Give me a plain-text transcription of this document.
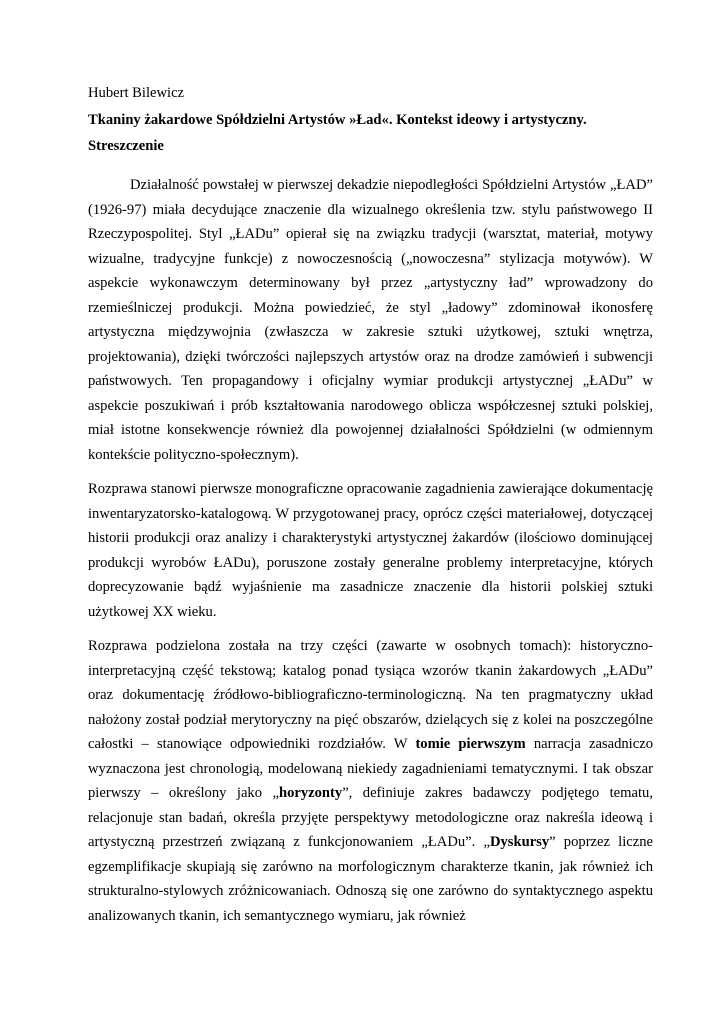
Hubert Bilewicz
Tkaniny żakardowe Spółdzielni Artystów »Ład«. Kontekst ideowy i artystyczny.
Streszczenie

Działalność powstałej w pierwszej dekadzie niepodległości Spółdzielni Artystów „ŁAD” (1926-97) miała decydujące znaczenie dla wizualnego określenia tzw. stylu państwowego II Rzeczypospolitej. Styl „ŁADu” opierał się na związku tradycji (warsztat, materiał, motywy wizualne, tradycyjne funkcje) z nowoczesnością („nowoczesna” stylizacja motywów). W aspekcie wykonawczym determinowany był przez „artystyczny ład” wprowadzony do rzemieślniczej produkcji. Można powiedzieć, że styl „ładowy” zdominował ikonosferę artystyczna międzywojnia (zwłaszcza w zakresie sztuki użytkowej, sztuki wnętrza, projektowania), dzięki twórczości najlepszych artystów oraz na drodze zamówień i subwencji państwowych. Ten propagandowy i oficjalny wymiar produkcji artystycznej „ŁADu” w aspekcie poszukiwań i prób kształtowania narodowego oblicza współczesnej sztuki polskiej, miał istotne konsekwencje również dla powojennej działalności Spółdzielni (w odmiennym kontekście polityczno-społecznym).

Rozprawa stanowi pierwsze monograficzne opracowanie zagadnienia zawierające dokumentację inwentaryzatorsko-katalogową. W przygotowanej pracy, oprócz części materiałowej, dotyczącej historii produkcji oraz analizy i charakterystyki artystycznej żakardów (ilościowo dominującej produkcji wyrobów ŁADu), poruszone zostały generalne problemy interpretacyjne, których doprecyzowanie bądź wyjaśnienie ma zasadnicze znaczenie dla historii polskiej sztuki użytkowej XX wieku.

Rozprawa podzielona została na trzy części (zawarte w osobnych tomach): historyczno-interpretacyjną część tekstową; katalog ponad tysiąca wzorów tkanin żakardowych „ŁADu” oraz dokumentację źródłowo-bibliograficzno-terminologiczną. Na ten pragmatyczny układ nałożony został podział merytoryczny na pięć obszarów, dzielących się z kolei na poszczególne całostki – stanowiące odpowiedniki rozdziałów. W tomie pierwszym narracja zasadniczo wyznaczona jest chronologią, modelowaną niekiedy zagadnieniami tematycznymi. I tak obszar pierwszy – określony jako „horyzonty”, definiuje zakres badawczy podjętego tematu, relacjonuje stan badań, określa przyjęte perspektywy metodologiczne oraz nakreśla ideową i artystyczną przestrzeń związaną z funkcjonowaniem „ŁADu”. „Dyskursy” poprzez liczne egzemplifikacje skupiają się zarówno na morfologicznym charakterze tkanin, jak również ich strukturalno-stylowych zróżnicowaniach. Odnoszą się one zarówno do syntaktycznego aspektu analizowanych tkanin, ich semantycznego wymiaru, jak również
